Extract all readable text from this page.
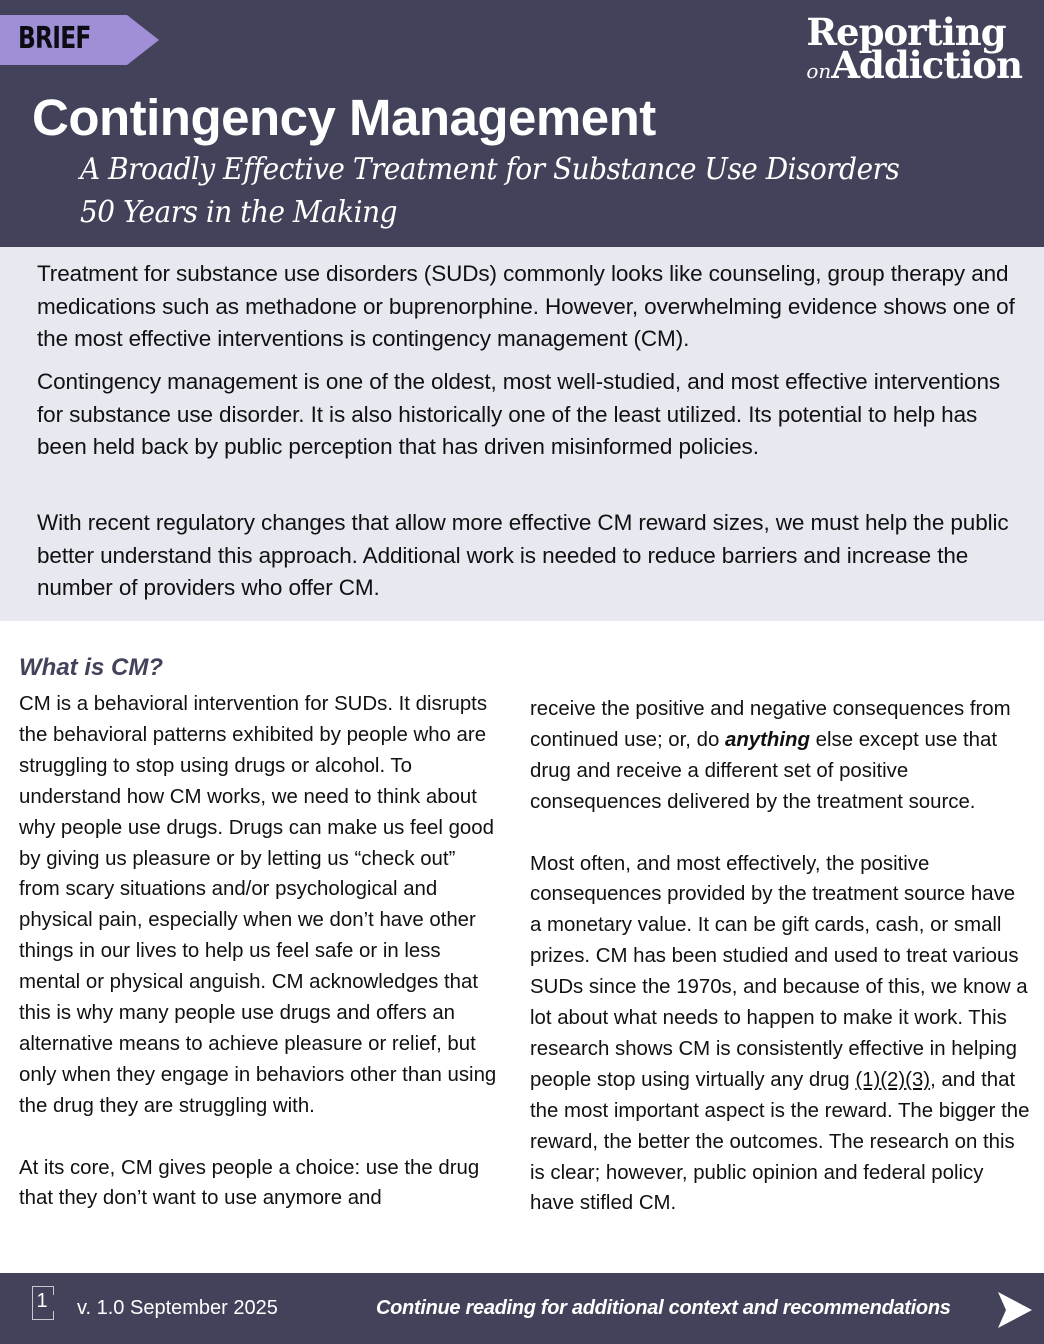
BRIEF	Reporting
onAddiction
Contingency Management
A Broadly Effective Treatment for Substance Use Disorders
50 Years in the Making

Treatment for substance use disorders (SUDs) commonly looks like counseling, group therapy and medications such as methadone or buprenorphine. However, overwhelming evidence shows one of the most effective interventions is contingency management (CM).

Contingency management is one of the oldest, most well-studied, and most effective interventions for substance use disorder. It is also historically one of the least utilized. Its potential to help has been held back by public perception that has driven misinformed policies.

With recent regulatory changes that allow more effective CM reward sizes, we must help the public better understand this approach. Additional work is needed to reduce barriers and increase the number of providers who offer CM.

What is CM?

CM is a behavioral intervention for SUDs. It disrupts the behavioral patterns exhibited by people who are struggling to stop using drugs or alcohol. To understand how CM works, we need to think about why people use drugs. Drugs can make us feel good by giving us pleasure or by letting us “check out” from scary situations and/or psychological and physical pain, especially when we don’t have other things in our lives to help us feel safe or in less mental or physical anguish. CM acknowledges that this is why many people use drugs and offers an alternative means to achieve pleasure or relief, but only when they engage in behaviors other than using the drug they are struggling with.

At its core, CM gives people a choice: use the drug that they don’t want to use anymore and

receive the positive and negative consequences from continued use; or, do anything else except use that drug and receive a different set of positive consequences delivered by the treatment source.

Most often, and most effectively, the positive consequences provided by the treatment source have a monetary value. It can be gift cards, cash, or small prizes. CM has been studied and used to treat various SUDs since the 1970s, and because of this, we know a lot about what needs to happen to make it work. This research shows CM is consistently effective in helping people stop using virtually any drug (1)(2)(3), and that the most important aspect is the reward. The bigger the reward, the better the outcomes. The research on this is clear; however, public opinion and federal policy have stifled CM.

1 v. 1.0 September 2025	Continue reading for additional context and recommendations
